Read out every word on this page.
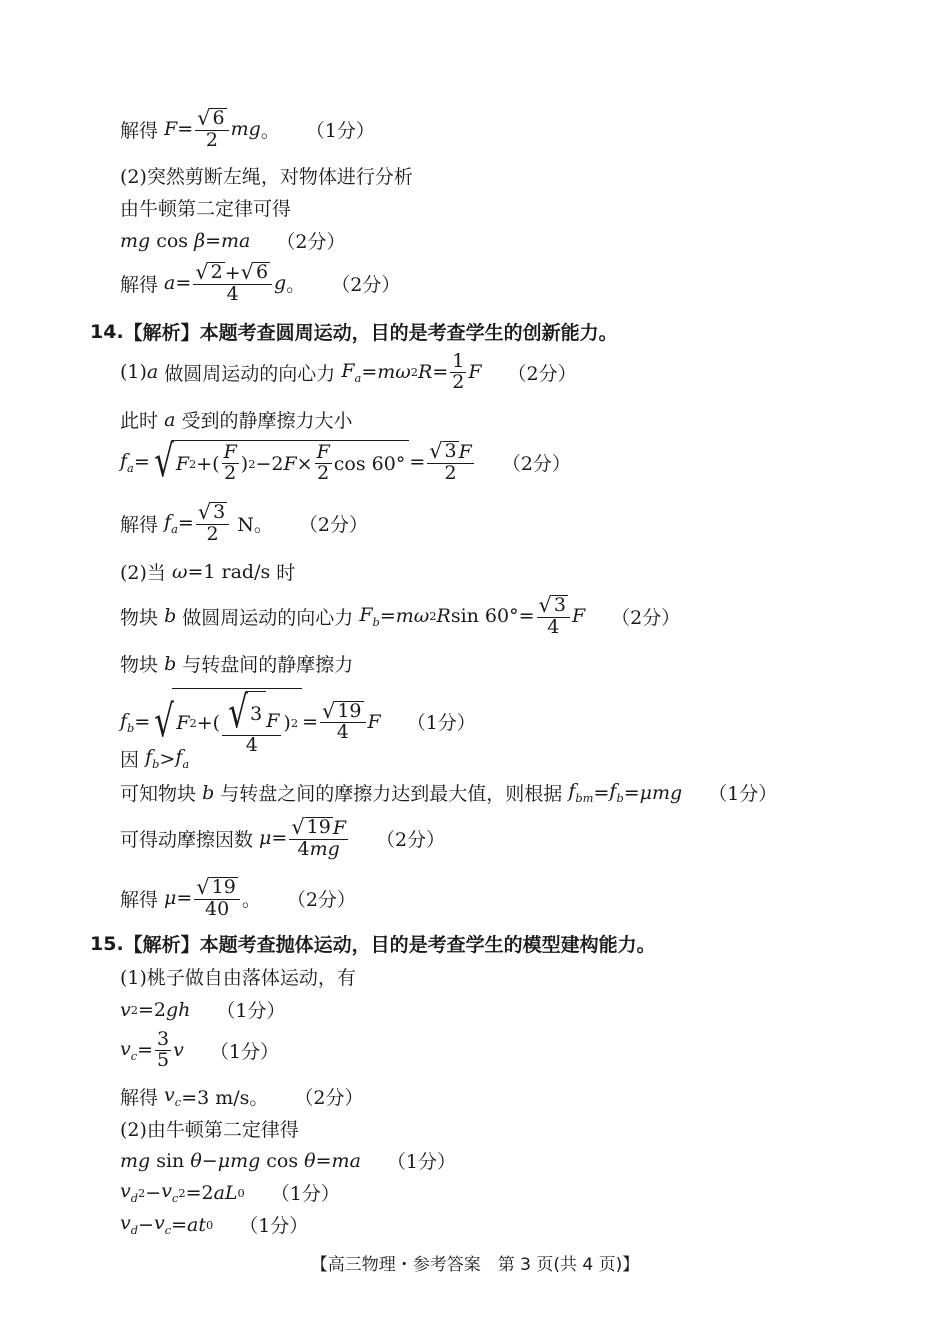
解得 $F = \frac{√ 6}{2}$ mg 。 （1分）
(2)突然剪断左绳，对物体进行分析
由牛顿第二定律可得
mg cos β = ma （2分）
解得 $a = \frac{√ 2 + √ 6}{4}$ g 。 （2分）
14. 【解析】本题考查圆周运动，目的是考查学生的创新能力。
(1) a
做圆周运动的向心力 $F_a = m\omega$ 2 $R = \frac{1}{2}$ F （2分）
此时
a
受到的静摩擦力大小
$f_a$ = √ F 2 +( $\frac{F}{2}$ ) 2 −2 $F \times \frac{F}{2}$ $\cos 60^\circ = \frac{√ 3 F}{2} (2$分）
解得 $f_a = \frac{√ 3}{2}$ N。 （2分）
(2)当
ω =1 rad/s 时
物块
b
做圆周运动的向心力 $F_b = m\omega$ 2 R $\sin 60^\circ= \frac{√ 3}{4}$ F （2分）
物块
b
与转盘间的静摩擦力
$f_b$ = √ F 2 +( $\frac{√ 3 F}{4}$ ) $2 = \frac{√ 19}{4}$ F （1分）
因
$f_b > f_a$
可知物块
b
与转盘之间的摩擦力达到最大值，则根据 $f_{bm} = f_b = \mu mg$ （1分）
可得动摩擦因数 $\mu = \frac{√ 19 F}{4mg} (2$分）
解得 $\mu = \frac{√ 19}{40}$ 。 （2分）
15. 【解析】本题考查抛体运动，目的是考查学生的模型建构能力。
(1)桃子做自由落体运动，有
v 2 =2 gh （1分）
$v_c = \frac{3}{5}$ v （1分）
解得 $v_c =3$ m/s。 （2分）
(2)由牛顿第二定律得
mg sin θ − μmg cos θ = ma （1分）
$v_d$ $2 - v_c$ 2 =2 aL 0 （1分）
$v_d - v_c$ = at 0 （1分）
【高三物理・参考答案　第 3 页(共 4 页)】
